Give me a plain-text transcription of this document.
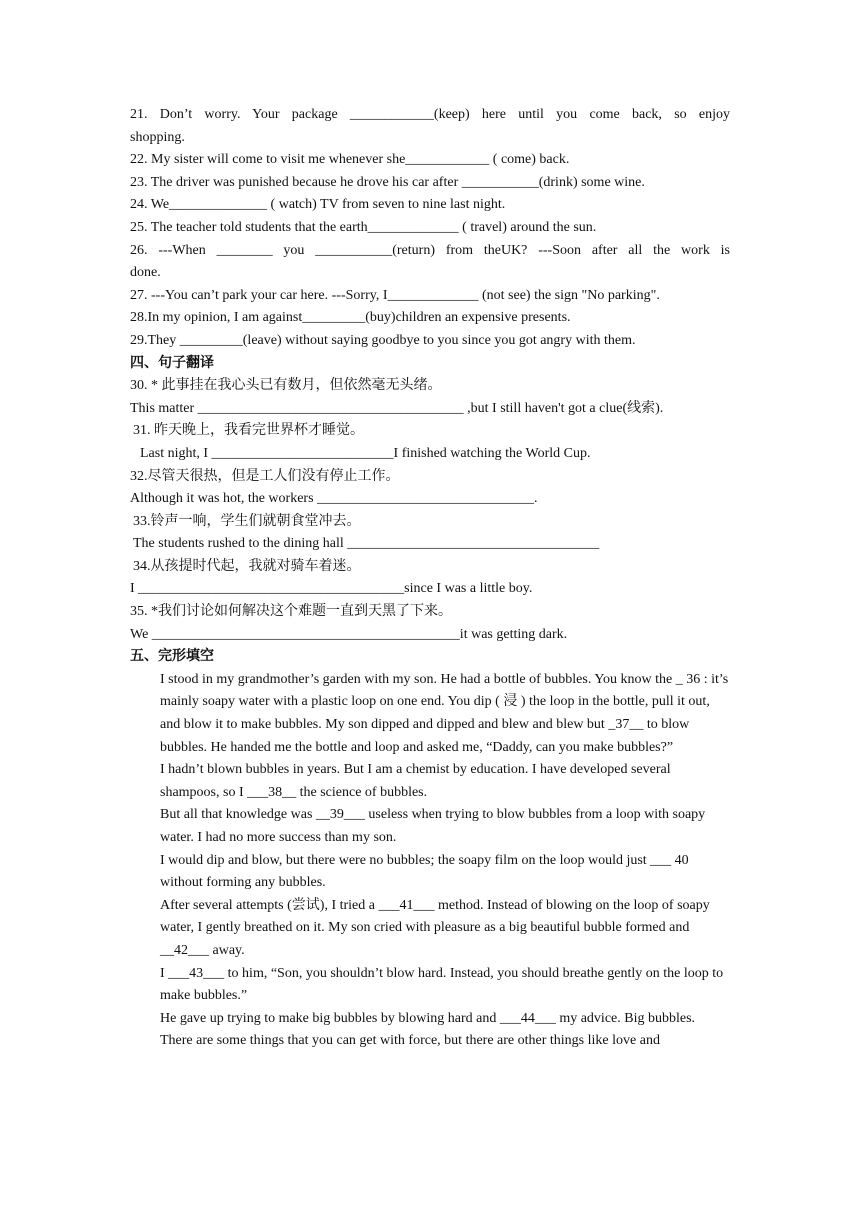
21. Don’t worry. Your package ____________(keep) here until you come back, so enjoy
shopping.
22. My sister will come to visit me whenever she____________ ( come) back.
23. The driver was punished because he drove his car after ___________(drink) some wine.
24. We______________ ( watch) TV from seven to nine last night.
25. The teacher told students that the earth_____________ ( travel) around the sun.
26. ---When ________ you ___________(return) from theUK? ---Soon after all the work is
done.
27. ---You can’t park your car here. ---Sorry, I_____________ (not see) the sign "No parking".
28.In my opinion, I am against_________(buy)children an expensive presents.
29.They _________(leave) without saying goodbye to you since you got angry with them.
四、句子翻译
30. * 此事挂在我心头已有数月，但依然毫无头绪。
This matter ______________________________________ ,but I still haven't got a clue(线索).
31. 昨天晚上，我看完世界杯才睡觉。
Last night, I __________________________I finished watching the World Cup.
32.尽管天很热，但是工人们没有停止工作。
Although it was hot, the workers _______________________________.
33.铃声一响，学生们就朝食堂冲去。
The students rushed to the dining hall ____________________________________
34.从孩提时代起，我就对骑车着迷。
I ______________________________________since I was a little boy.
35. *我们讨论如何解决这个难题一直到天黑了下来。
We ____________________________________________it was getting dark.
五、完形填空
I stood in my grandmother’s garden with my son. He had a bottle of bubbles. You know the _ 36 : it’s mainly soapy water with a plastic loop on one end. You dip ( 浸 ) the loop in the bottle, pull it out, and blow it to make bubbles. My son dipped and dipped and blew and blew but _37__ to blow bubbles. He handed me the bottle and loop and asked me, “Daddy, can you make bubbles?”
I hadn’t blown bubbles in years. But I am a chemist by education. I have developed several shampoos, so I ___38__ the science of bubbles.
But all that knowledge was __39___ useless when trying to blow bubbles from a loop with soapy water. I had no more success than my son.
I would dip and blow, but there were no bubbles; the soapy film on the loop would just ___ 40 without forming any bubbles.
After several attempts (尝试), I tried a ___41___ method. Instead of blowing on the loop of soapy water, I gently breathed on it. My son cried with pleasure as a big beautiful bubble formed and __42___ away.
I ___43___ to him, “Son, you shouldn’t blow hard. Instead, you should breathe gently on the loop to make bubbles.”
He gave up trying to make big bubbles by blowing hard and ___44___ my advice. Big bubbles.
There are some things that you can get with force, but there are other things like love and
